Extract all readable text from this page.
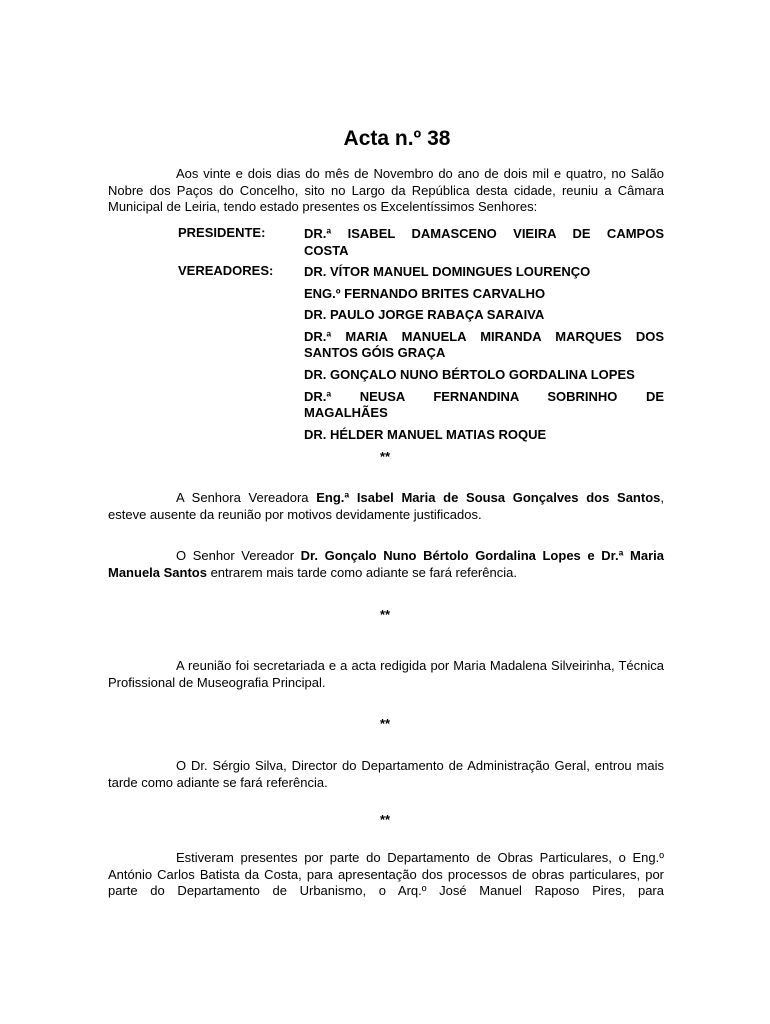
Acta n.º 38
Aos vinte e dois dias do mês de Novembro do ano de dois mil e quatro, no Salão Nobre dos Paços do Concelho, sito no Largo da República desta cidade, reuniu a Câmara Municipal de Leiria, tendo estado presentes os Excelentíssimos Senhores:
PRESIDENTE:	DR.ª ISABEL DAMASCENO VIEIRA DE CAMPOS
COSTA
VEREADORES: DR. VÍTOR MANUEL DOMINGUES LOURENÇO
ENG.º FERNANDO BRITES CARVALHO
DR. PAULO JORGE RABAÇA SARAIVA
DR.ª MARIA MANUELA MIRANDA MARQUES DOS
SANTOS GÓIS GRAÇA
DR. GONÇALO NUNO BÉRTOLO GORDALINA LOPES
DR.ª NEUSA FERNANDINA SOBRINHO DE
MAGALHÃES
DR. HÉLDER MANUEL MATIAS ROQUE
**
A Senhora Vereadora Eng.ª Isabel Maria de Sousa Gonçalves dos Santos, esteve ausente da reunião por motivos devidamente justificados.
O Senhor Vereador Dr. Gonçalo Nuno Bértolo Gordalina Lopes e Dr.ª Maria
Manuela Santos entrarem mais tarde como adiante se fará referência.
**
A reunião foi secretariada e a acta redigida por Maria Madalena Silveirinha, Técnica Profissional de Museografia Principal.
**
O Dr. Sérgio Silva, Director do Departamento de Administração Geral, entrou mais tarde como adiante se fará referência.
**
Estiveram presentes por parte do Departamento de Obras Particulares, o Eng.º António Carlos Batista da Costa, para apresentação dos processos de obras particulares, por parte do Departamento de Urbanismo, o Arq.º José Manuel Raposo Pires, para
